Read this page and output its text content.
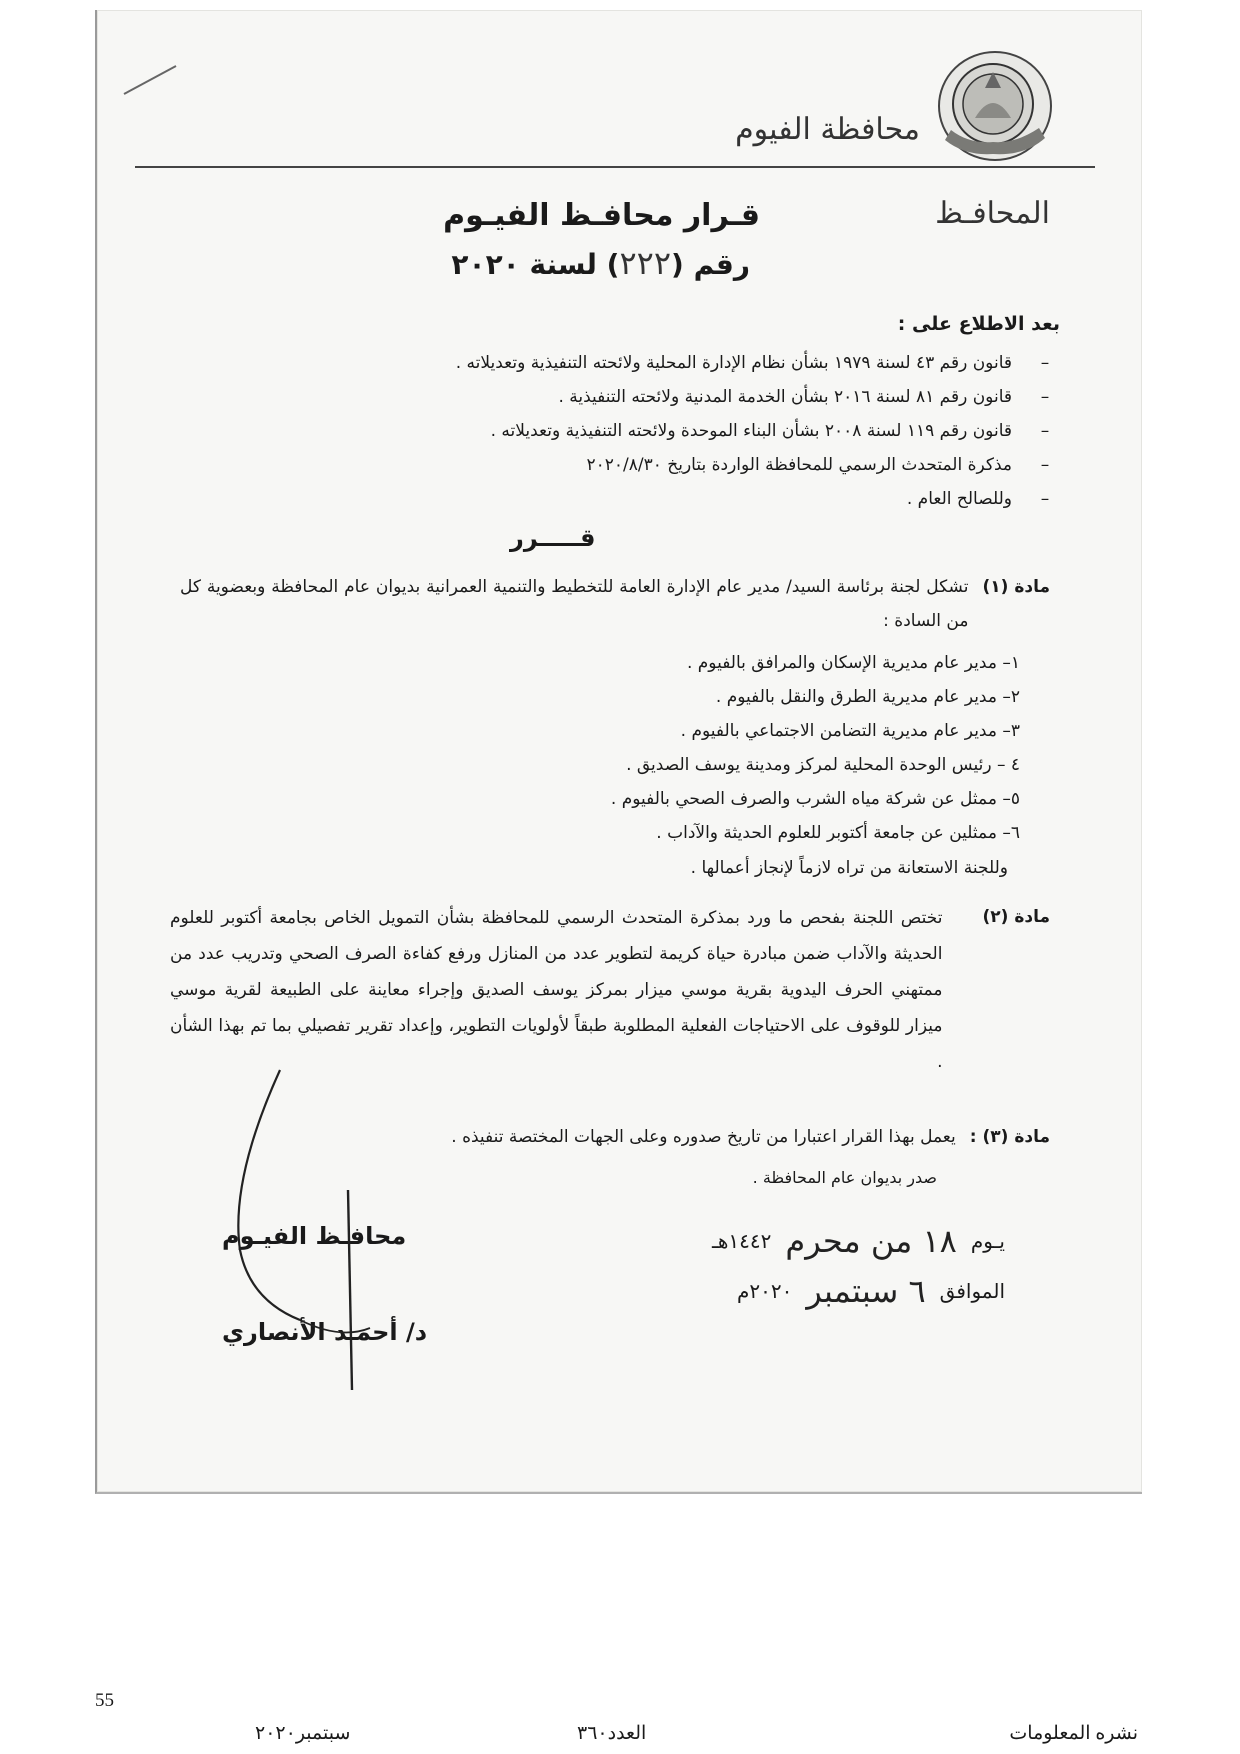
محافظة الفيوم
المحافـظ
قـرار محافـظ الفيـوم
رقم (٢٢٢) لسنة ٢٠٢٠
بعد الاطلاع على :
– قانون رقم ٤٣ لسنة ١٩٧٩ بشأن نظام الإدارة المحلية ولائحته التنفيذية وتعديلاته .
– قانون رقم ٨١ لسنة ٢٠١٦ بشأن الخدمة المدنية ولائحته التنفيذية .
– قانون رقم ١١٩ لسنة ٢٠٠٨ بشأن البناء الموحدة ولائحته التنفيذية وتعديلاته .
– مذكرة المتحدث الرسمي للمحافظة الواردة بتاريخ ٢٠٢٠/٨/٣٠
– وللصالح العام .
قـــــرر
مادة (١)
تشكل لجنة برئاسة السيد/ مدير عام الإدارة العامة للتخطيط والتنمية العمرانية بديوان عام المحافظة وبعضوية كل من السادة :
١– مدير عام مديرية الإسكان والمرافق بالفيوم .
٢– مدير عام مديرية الطرق والنقل بالفيوم .
٣– مدير عام مديرية التضامن الاجتماعي بالفيوم .
٤ – رئيس الوحدة المحلية لمركز ومدينة يوسف الصديق .
٥– ممثل عن شركة مياه الشرب والصرف الصحي بالفيوم .
٦– ممثلين عن جامعة أكتوبر للعلوم الحديثة والآداب .
وللجنة الاستعانة من تراه لازماً لإنجاز أعمالها .
مادة (٢)
تختص اللجنة بفحص ما ورد بمذكرة المتحدث الرسمي للمحافظة بشأن التمويل الخاص بجامعة أكتوبر للعلوم الحديثة والآداب ضمن مبادرة حياة كريمة لتطوير عدد من المنازل ورفع كفاءة الصرف الصحي وتدريب عدد من ممتهني الحرف اليدوية بقرية موسي ميزار بمركز يوسف الصديق وإجراء معاينة على الطبيعة لقرية موسي ميزار للوقوف على الاحتياجات الفعلية المطلوبة طبقاً لأولويات التطوير، وإعداد تقرير تفصيلي بما تم بهذا الشأن .
مادة (٣) :
يعمل بهذا القرار اعتبارا من تاريخ صدوره وعلى الجهات المختصة تنفيذه .
صدر بديوان عام المحافظة .
محافـظ الفيـوم
د/ أحمـد الأنصاري
يـوم
١٨ من محرم
١٤٤٢هـ
الموافق
٦ سبتمبر
٢٠٢٠م
55
نشره المعلومات
العدد٣٦٠
سبتمبر٢٠٢٠
